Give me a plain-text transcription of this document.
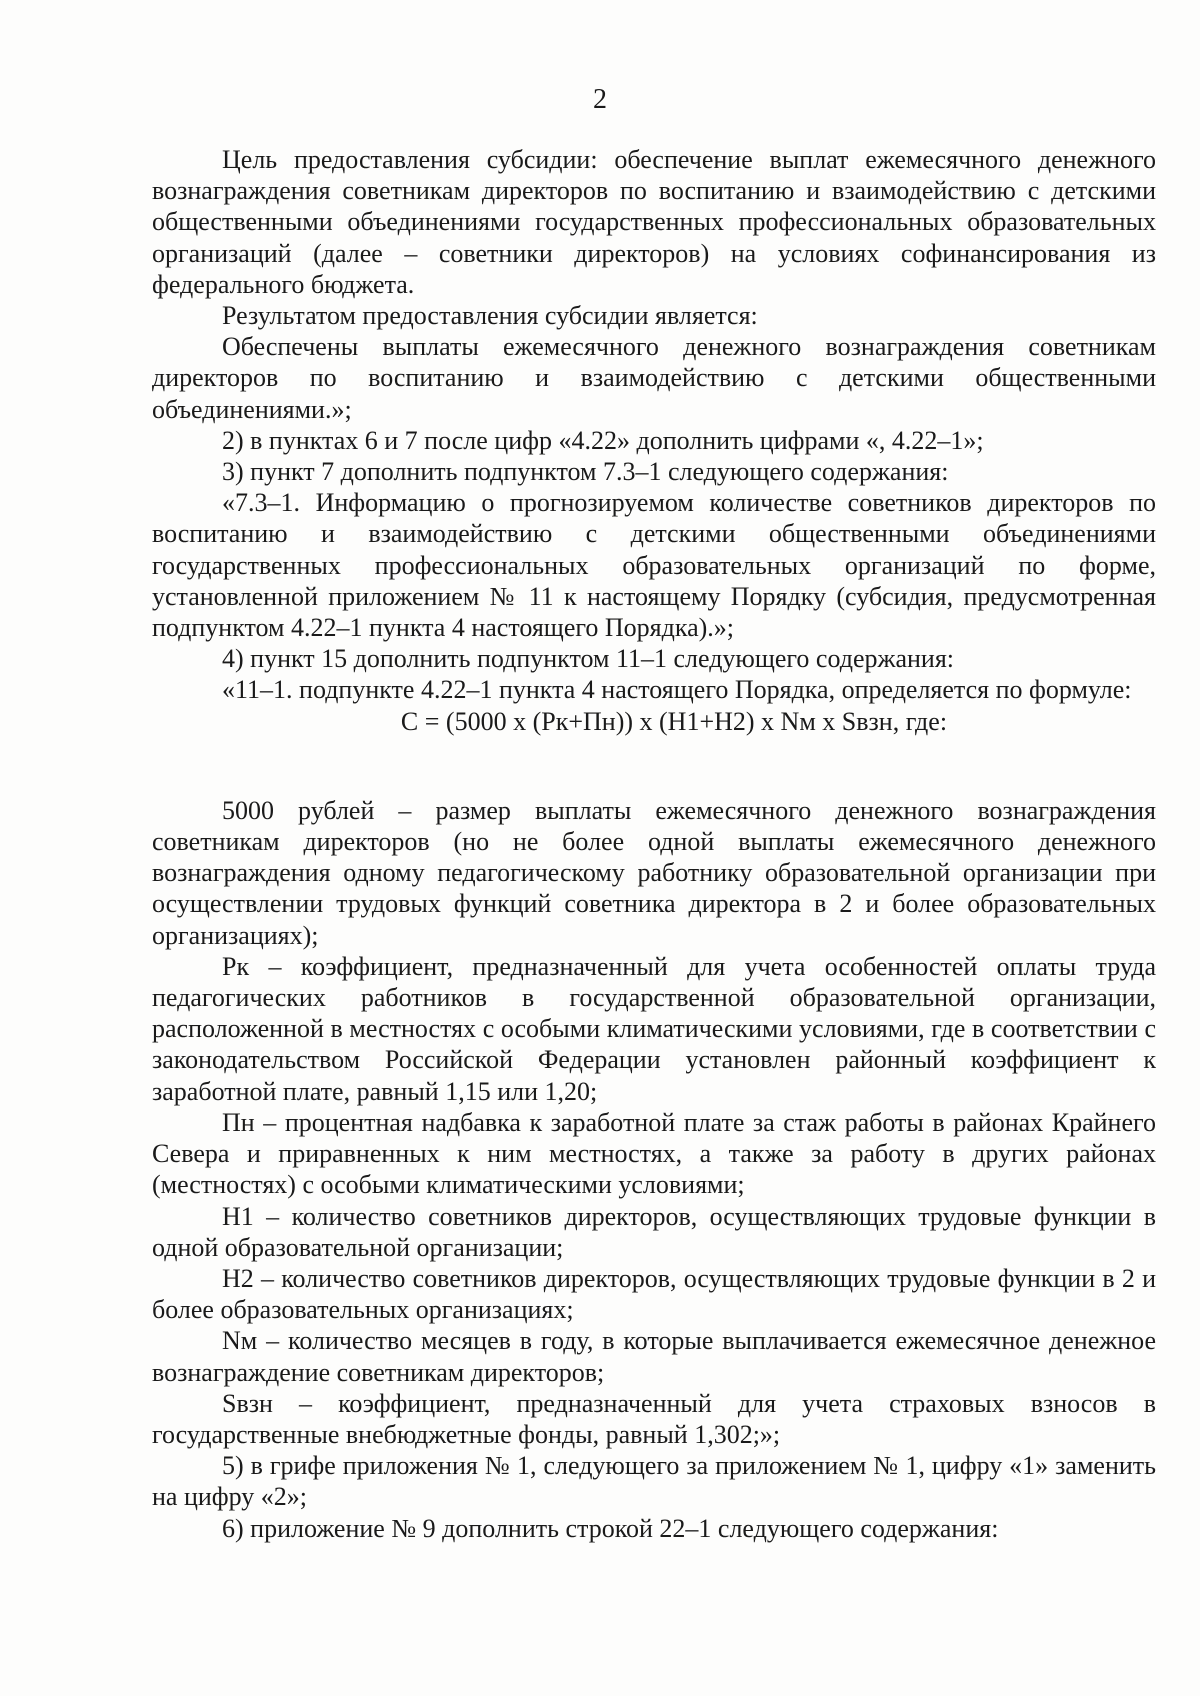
2

Цель предоставления субсидии: обеспечение выплат ежемесячного денежного вознаграждения советникам директоров по воспитанию и взаимодействию с детскими общественными объединениями государственных профессиональных образовательных организаций (далее – советники директоров) на условиях софинансирования из федерального бюджета.

Результатом предоставления субсидии является:

Обеспечены выплаты ежемесячного денежного вознаграждения советникам директоров по воспитанию и взаимодействию с детскими общественными объединениями.»;

2) в пунктах 6 и 7 после цифр «4.22» дополнить цифрами «, 4.22–1»;

3) пункт 7 дополнить подпунктом 7.3–1 следующего содержания:

«7.3–1. Информацию о прогнозируемом количестве советников директоров по воспитанию и взаимодействию с детскими общественными объединениями государственных профессиональных образовательных организаций по форме, установленной приложением № 11 к настоящему Порядку (субсидия, предусмотренная подпунктом 4.22–1 пункта 4 настоящего Порядка).»;

4) пункт 15 дополнить подпунктом 11–1 следующего содержания:

«11–1. подпункте 4.22–1 пункта 4 настоящего Порядка, определяется по формуле:

C = (5000 x (Рк+Пн)) x (Н1+Н2) x Nм x Sвзн, где:

5000 рублей – размер выплаты ежемесячного денежного вознаграждения советникам директоров (но не более одной выплаты ежемесячного денежного вознаграждения одному педагогическому работнику образовательной организации при осуществлении трудовых функций советника директора в 2 и более образовательных организациях);

Рк – коэффициент, предназначенный для учета особенностей оплаты труда педагогических работников в государственной образовательной организации, расположенной в местностях с особыми климатическими условиями, где в соответствии с законодательством Российской Федерации установлен районный коэффициент к заработной плате, равный 1,15 или 1,20;

Пн – процентная надбавка к заработной плате за стаж работы в районах Крайнего Севера и приравненных к ним местностях, а также за работу в других районах (местностях) с особыми климатическими условиями;

Н1 – количество советников директоров, осуществляющих трудовые функции в одной образовательной организации;

Н2 – количество советников директоров, осуществляющих трудовые функции в 2 и более образовательных организациях;

Nм – количество месяцев в году, в которые выплачивается ежемесячное денежное вознаграждение советникам директоров;

Sвзн – коэффициент, предназначенный для учета страховых взносов в государственные внебюджетные фонды, равный 1,302;»;

5) в грифе приложения № 1, следующего за приложением № 1, цифру «1» заменить на цифру «2»;

6) приложение № 9 дополнить строкой 22–1 следующего содержания:
